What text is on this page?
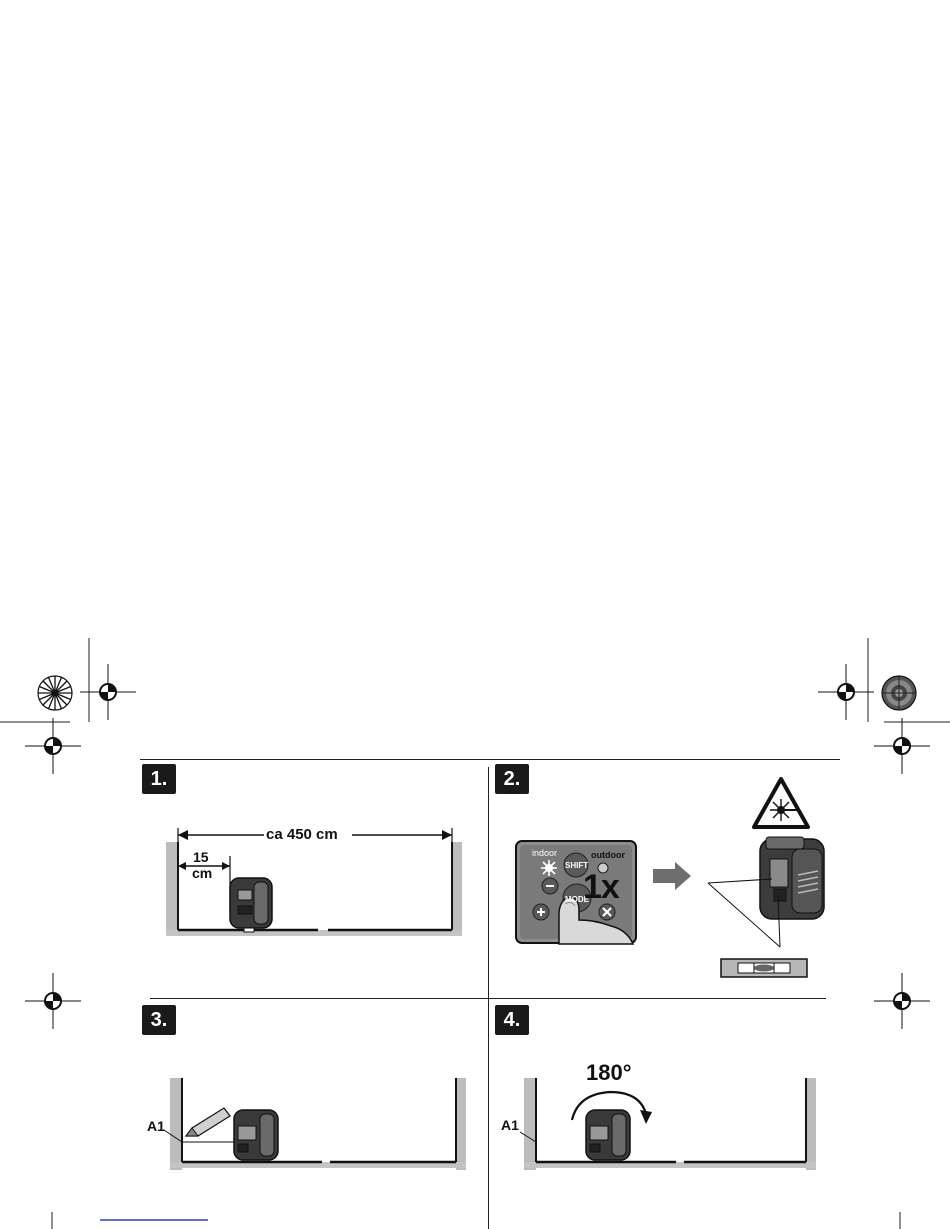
1.
ca 450 cm
15
cm
2.
indoor
SHIFT
outdoor
MODE
1x
3.
A1
4.
180°
A1
